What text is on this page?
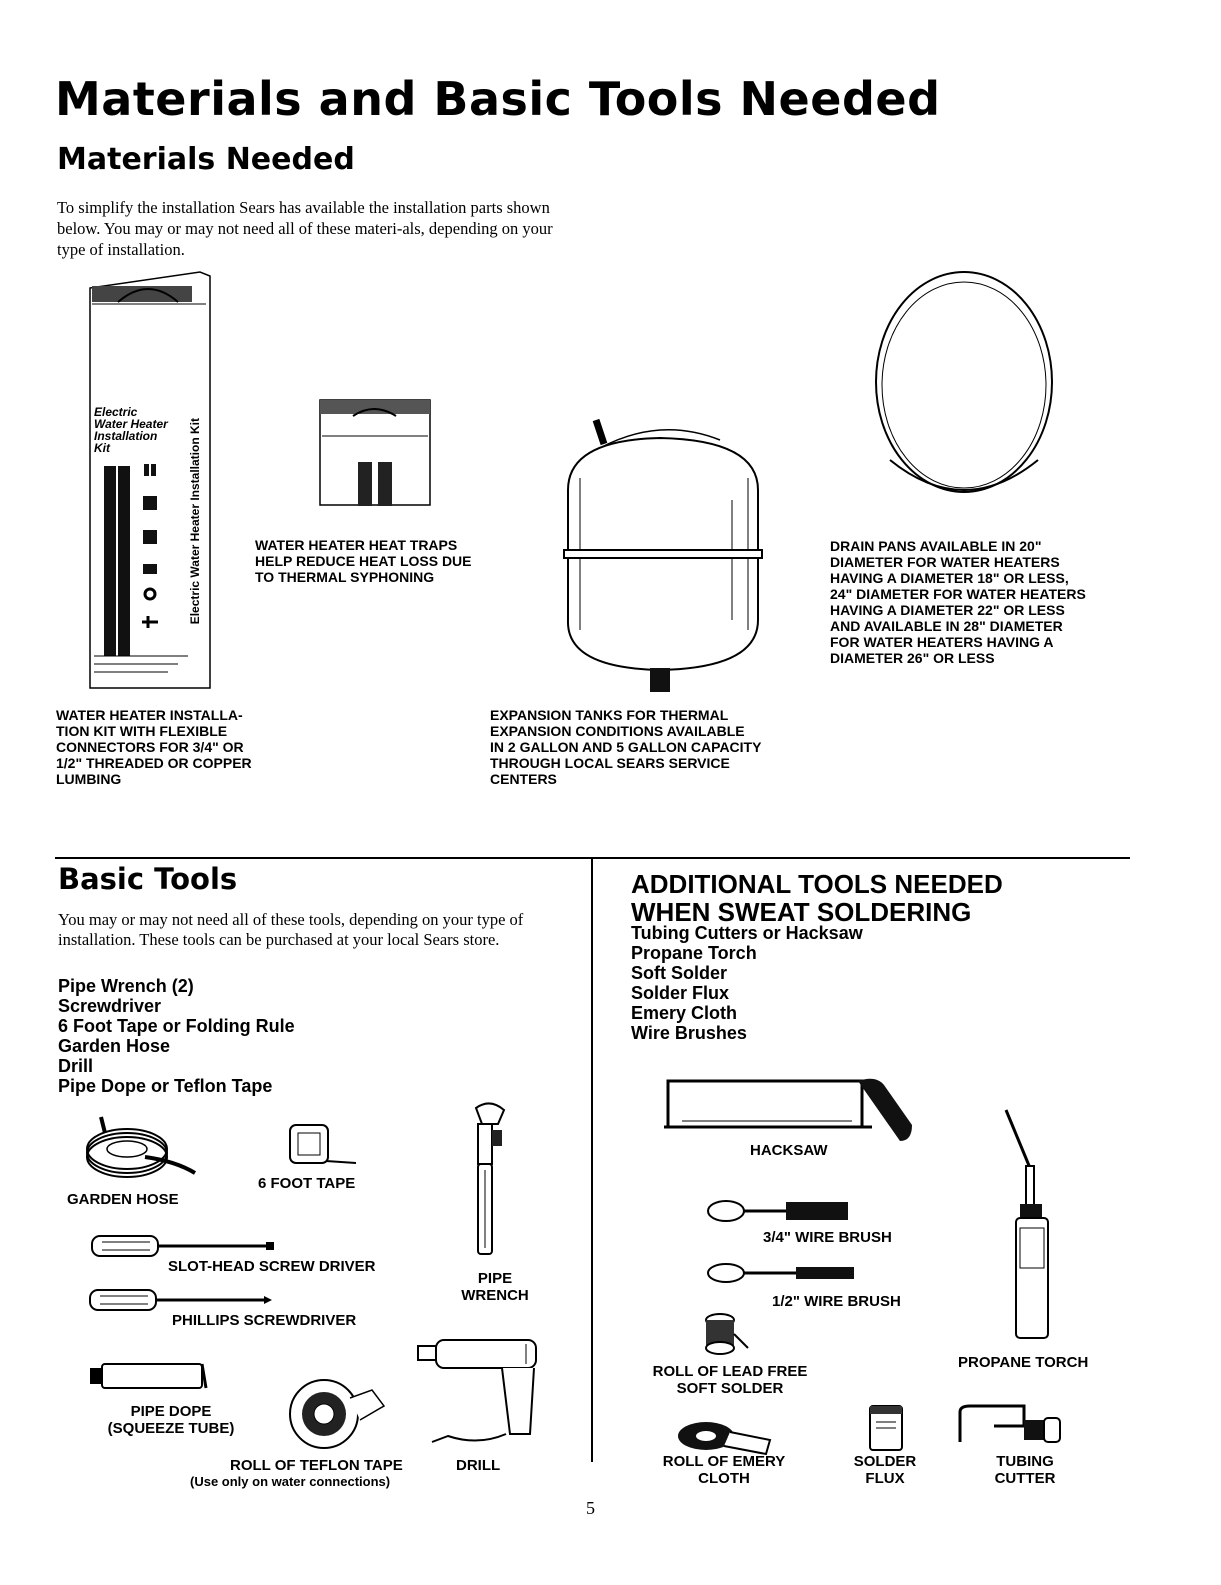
Materials and Basic Tools Needed
Materials Needed
To simplify the installation Sears has available the installation parts shown below. You may or may not need all of these materi-als, depending on your type of installation.
Electric
Water Heater
Installation
Kit	Electric Water Heater Installation Kit	WATER HEATER HEAT TRAPS
HELP REDUCE HEAT LOSS DUE
TO THERMAL SYPHONING
DRAIN PANS AVAILABLE IN 20"
DIAMETER FOR WATER HEATERS
HAVING A DIAMETER 18" OR LESS,
24" DIAMETER FOR WATER HEATERS
HAVING A DIAMETER 22" OR LESS
AND AVAILABLE IN 28" DIAMETER
FOR WATER HEATERS HAVING A
DIAMETER 26" OR LESS
WATER HEATER INSTALLA-
TION KIT WITH FLEXIBLE
CONNECTORS FOR 3/4" OR
1/2" THREADED OR COPPER
LUMBING
EXPANSION TANKS FOR THERMAL
EXPANSION CONDITIONS AVAILABLE
IN 2 GALLON AND 5 GALLON CAPACITY
THROUGH LOCAL SEARS SERVICE
CENTERS
Basic Tools
You may or may not need all of these tools, depending on your type of installation. These tools can be purchased at your local Sears store.
Pipe Wrench (2)
Screwdriver
6 Foot Tape or Folding Rule
Garden Hose
Drill
Pipe Dope or Teflon Tape
GARDEN HOSE
6 FOOT TAPE
PIPE
WRENCH
SLOT-HEAD SCREW DRIVER
PHILLIPS SCREWDRIVER
PIPE DOPE
(SQUEEZE TUBE)
ROLL OF TEFLON TAPE
(Use only on water connections)
DRILL
ADDITIONAL TOOLS NEEDED
WHEN SWEAT SOLDERING
Tubing Cutters or Hacksaw
Propane Torch
Soft Solder
Solder Flux
Emery Cloth
Wire Brushes
HACKSAW
3/4" WIRE BRUSH
1/2" WIRE BRUSH
ROLL OF LEAD FREE
SOFT SOLDER
PROPANE TORCH
ROLL OF EMERY
CLOTH
SOLDER
FLUX
TUBING
CUTTER
5
